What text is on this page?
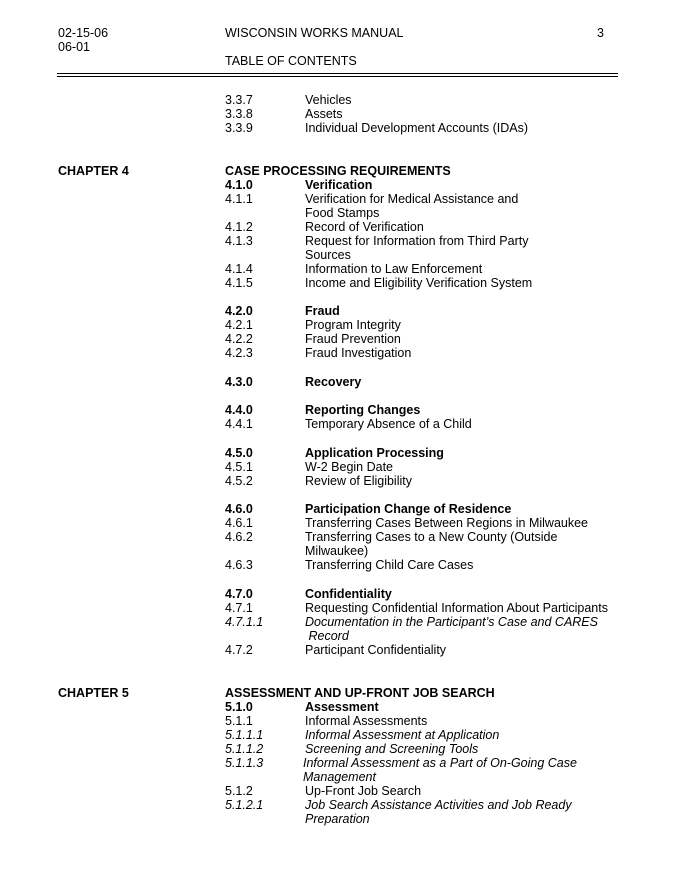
02-15-06
06-01
WISCONSIN WORKS MANUAL	3
TABLE OF CONTENTS
3.3.7	Vehicles
3.3.8	Assets
3.3.9	Individual Development Accounts (IDAs)
CHAPTER 4	CASE PROCESSING REQUIREMENTS
4.1.0	Verification
4.1.1	Verification for Medical Assistance and
Food Stamps
4.1.2	Record of Verification
4.1.3	Request for Information from Third Party
Sources
4.1.4	Information to Law Enforcement
4.1.5	Income and Eligibility Verification System
4.2.0	Fraud
4.2.1	Program Integrity
4.2.2	Fraud Prevention
4.2.3	Fraud Investigation
4.3.0	Recovery
4.4.0	Reporting Changes
4.4.1	Temporary Absence of a Child
4.5.0	Application Processing
4.5.1	W-2 Begin Date
4.5.2	Review of Eligibility
4.6.0	Participation Change of Residence
4.6.1	Transferring Cases Between Regions in Milwaukee
4.6.2	Transferring Cases to a New County (Outside
Milwaukee)
4.6.3	Transferring Child Care Cases
4.7.0	Confidentiality
4.7.1	Requesting Confidential Information About Participants
4.7.1.1	Documentation in the Participant’s Case and CARES
Record
4.7.2	Participant Confidentiality
CHAPTER 5	ASSESSMENT AND UP-FRONT JOB SEARCH
5.1.0	Assessment
5.1.1	Informal Assessments
5.1.1.1	Informal Assessment at Application
5.1.1.2	Screening and Screening Tools
5.1.1.3	Informal Assessment as a Part of On-Going Case
Management
5.1.2	Up-Front Job Search
5.1.2.1	Job Search Assistance Activities and Job Ready
Preparation
